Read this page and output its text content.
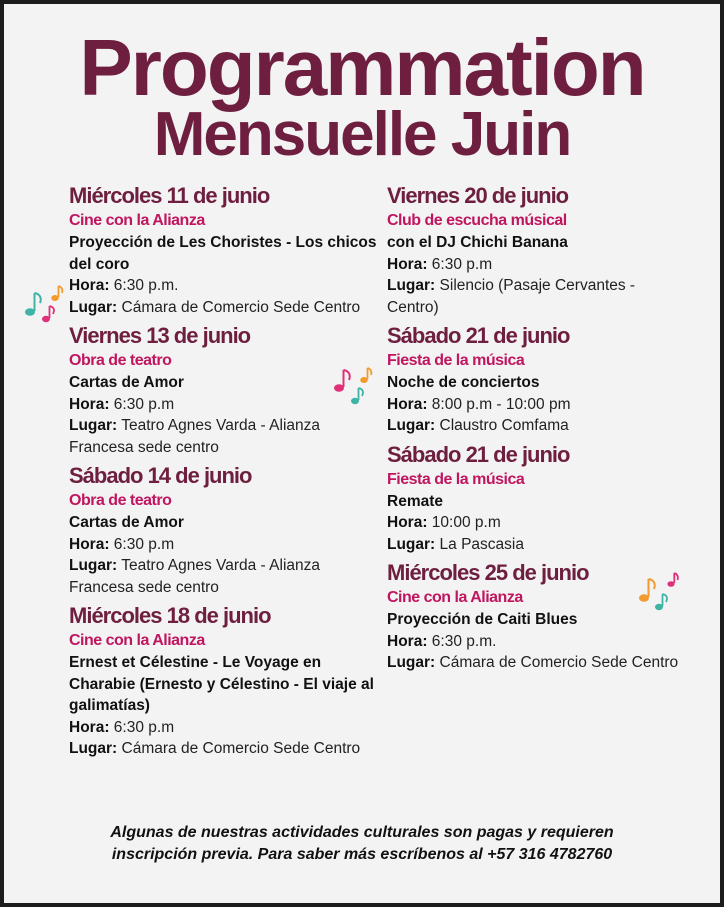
Programmation
Mensuelle Juin
Miércoles 11 de junio
Cine con la Alianza
Proyección de Les Choristes - Los chicos del coro
Hora: 6:30 p.m.
Lugar: Cámara de Comercio Sede Centro
Viernes 13 de junio
Obra de teatro
Cartas de Amor
Hora: 6:30 p.m
Lugar: Teatro Agnes Varda - Alianza Francesa sede centro
Sábado 14 de junio
Obra de teatro
Cartas de Amor
Hora: 6:30 p.m
Lugar: Teatro Agnes Varda - Alianza Francesa sede centro
Miércoles 18 de junio
Cine con la Alianza
Ernest et Célestine - Le Voyage en Charabie (Ernesto y Célestino - El viaje al galimatías)
Hora: 6:30 p.m
Lugar: Cámara de Comercio Sede Centro
Viernes 20 de junio
Club de escucha músical
con el DJ Chichi Banana
Hora: 6:30 p.m
Lugar: Silencio (Pasaje Cervantes - Centro)
Sábado 21 de junio
Fiesta de la música
Noche de conciertos
Hora: 8:00 p.m - 10:00 pm
Lugar: Claustro Comfama
Sábado 21 de junio
Fiesta de la música
Remate
Hora: 10:00 p.m
Lugar: La Pascasia
Miércoles 25 de junio
Cine con la Alianza
Proyección de Caiti Blues
Hora: 6:30 p.m.
Lugar: Cámara de Comercio Sede Centro
Algunas de nuestras actividades culturales son pagas y requieren
inscripción previa. Para saber más escríbenos al +57 316 4782760
